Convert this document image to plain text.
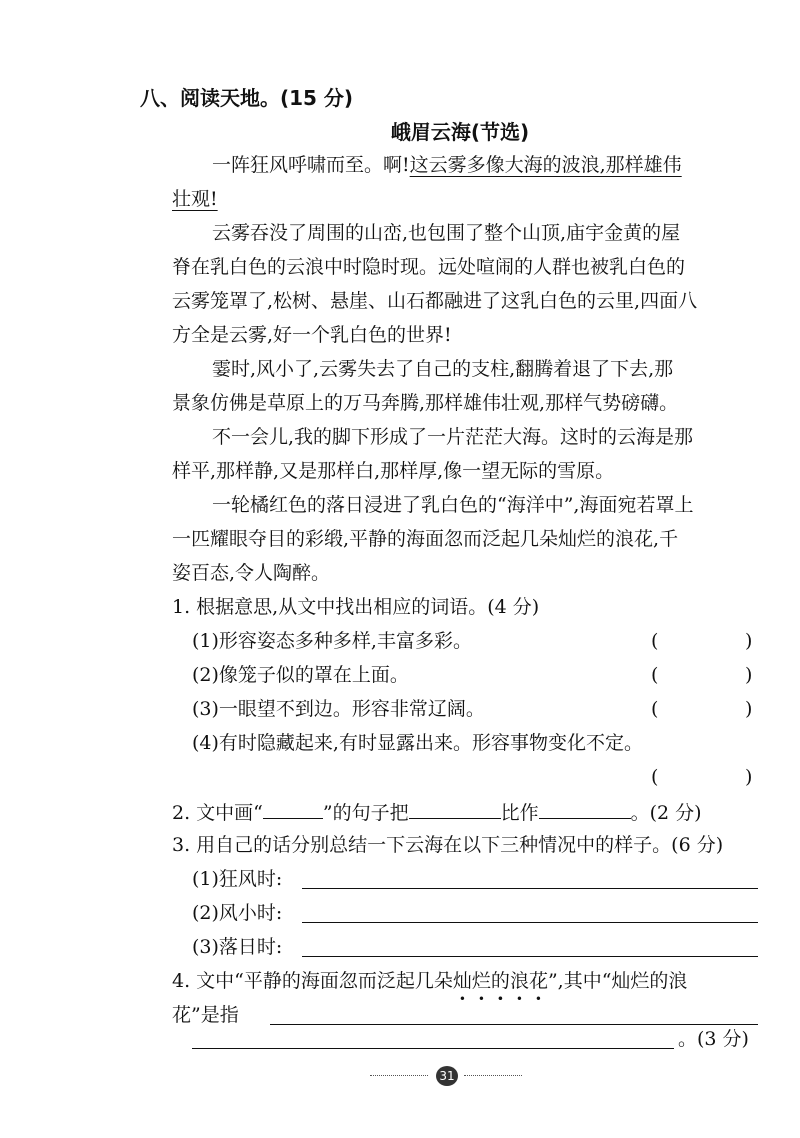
八、阅读天地。(15 分)
峨眉云海(节选)
一阵狂风呼啸而至。啊!这云雾多像大海的波浪,那样雄伟
壮观!
云雾吞没了周围的山峦,也包围了整个山顶,庙宇金黄的屋
脊在乳白色的云浪中时隐时现。远处喧闹的人群也被乳白色的
云雾笼罩了,松树、悬崖、山石都融进了这乳白色的云里,四面八
方全是云雾,好一个乳白色的世界!
霎时,风小了,云雾失去了自己的支柱,翻腾着退了下去,那
景象仿佛是草原上的万马奔腾,那样雄伟壮观,那样气势磅礴。
不一会儿,我的脚下形成了一片茫茫大海。这时的云海是那
样平,那样静,又是那样白,那样厚,像一望无际的雪原。
一轮橘红色的落日浸进了乳白色的“海洋中”,海面宛若罩上
一匹耀眼夺目的彩缎,平静的海面忽而泛起几朵灿烂的浪花,千
姿百态,令人陶醉。
1. 根据意思,从文中找出相应的词语。(4 分)
(1)形容姿态多种多样,丰富多彩。	(	)
(2)像笼子似的罩在上面。	(	)
(3)一眼望不到边。形容非常辽阔。	(	)
(4)有时隐藏起来,有时显露出来。形容事物变化不定。
(	)
2. 文中画“	”的句子把	比作	。(2 分)
3. 用自己的话分别总结一下云海在以下三种情况中的样子。(6 分)
(1)狂风时:
(2)风小时:
(3)落日时:
4. 文中“平静的海面忽而泛起几朵灿烂的浪花 •”,其中“灿烂的浪
花”是指
。(3 分)
31
